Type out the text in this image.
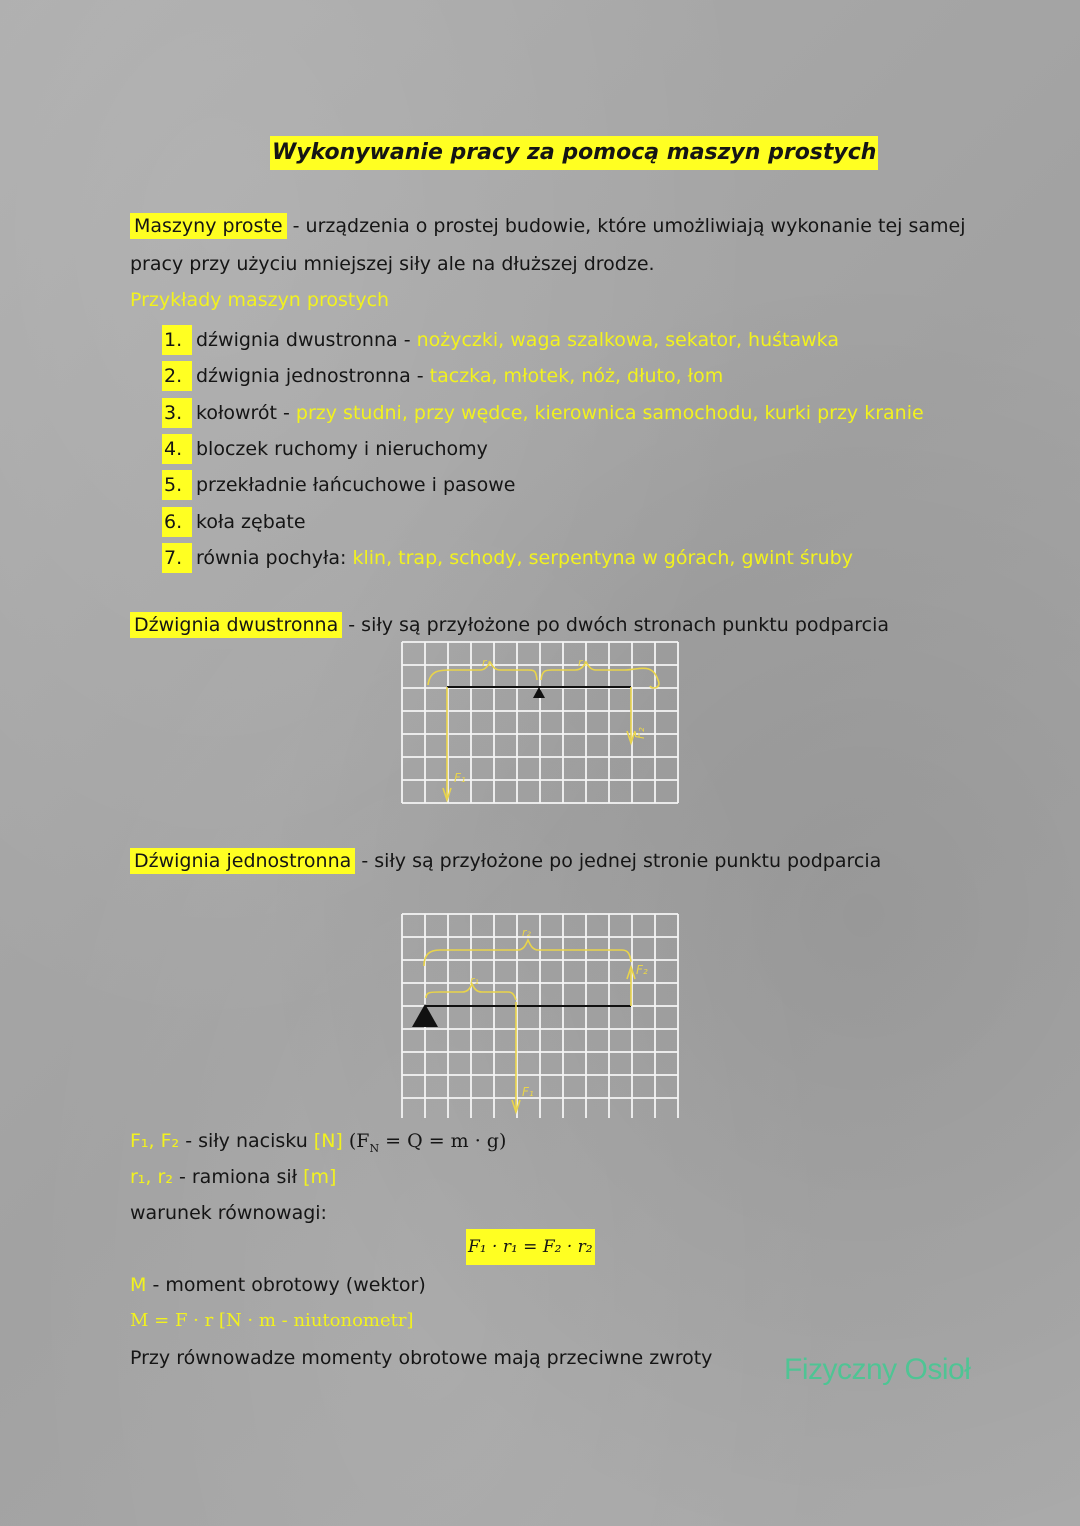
Wykonywanie pracy za pomocą maszyn prostych
Maszyny proste - urządzenia o prostej budowie, które umożliwiają wykonanie tej samej
pracy przy użyciu mniejszej siły ale na dłuższej drodze.
Przykłady maszyn prostych
1. dźwignia dwustronna - nożyczki, waga szalkowa, sekator, huśtawka
2. dźwignia jednostronna - taczka, młotek, nóż, dłuto, łom
3. kołowrót - przy studni, przy wędce, kierownica samochodu, kurki przy kranie
4. bloczek ruchomy i nieruchomy
5. przekładnie łańcuchowe i pasowe
6. koła zębate
7. równia pochyła:
klin, trap, schody, serpentyna w górach, gwint śruby
Dźwignia dwustronna - siły są przyłożone po dwóch stronach punktu podparcia
r₁	r₂
F₁
F₂
Dźwignia jednostronna - siły są przyłożone po jednej stronie punktu podparcia
r₁
r₂
F₁
F₂
F₁, F₂ - siły nacisku [N] $(F_N = Q = m \cdot g)$
r₁, r₂ - ramiona sił [m]
warunek równowagi:
F₁ · r₁ = F₂ · r₂
M - moment obrotowy (wektor)
M = F · r [N · m - niutonometr]
Przy równowadze momenty obrotowe mają przeciwne zwroty Fizyczny Osioł
